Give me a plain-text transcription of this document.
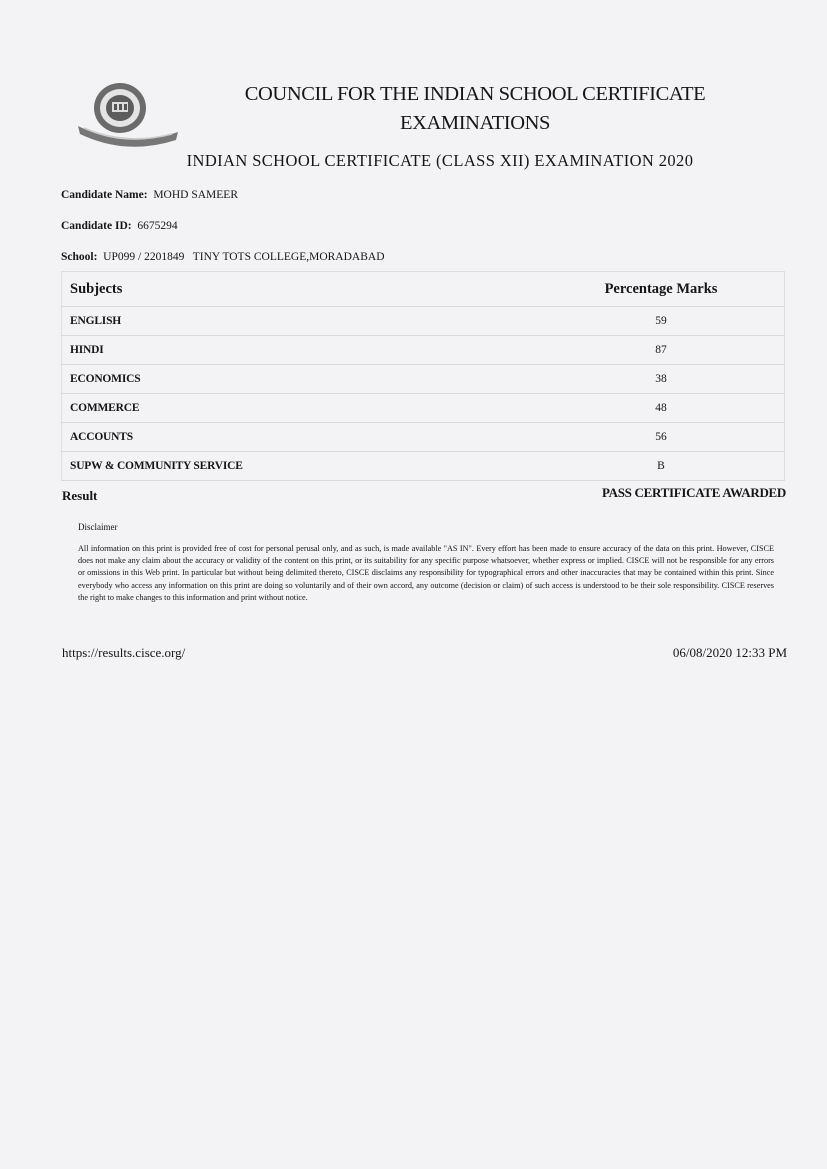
COUNCIL FOR THE INDIAN SCHOOL CERTIFICATE
EXAMINATIONS
INDIAN SCHOOL CERTIFICATE (CLASS XII) EXAMINATION 2020
Candidate Name: MOHD SAMEER
Candidate ID: 6675294
School: UP099 / 2201849   TINY TOTS COLLEGE,MORADABAD
Subjects	Percentage Marks
ENGLISH	59
HINDI	87
ECONOMICS	38
COMMERCE	48
ACCOUNTS	56
SUPW & COMMUNITY SERVICE	B
Result	PASS CERTIFICATE AWARDED
Disclaimer
All information on this print is provided free of cost for personal perusal only, and as such, is made available "AS IN". Every effort has been made to ensure accuracy of the data on this print. However, CISCE does not make any claim about the accuracy or validity of the content on this print, or its suitability for any specific purpose whatsoever, whether express or implied. CISCE will not be responsible for any errors or omissions in this Web print. In particular but without being delimited thereto, CISCE disclaims any responsibility for typographical errors and other inaccuracies that may be contained within this print. Since everybody who access any information on this print are doing so voluntarily and of their own accord, any outcome (decision or claim) of such access is understood to be their sole responsibility. CISCE reserves the right to make changes to this information and print without notice.
https://results.cisce.org/	06/08/2020 12:33 PM
